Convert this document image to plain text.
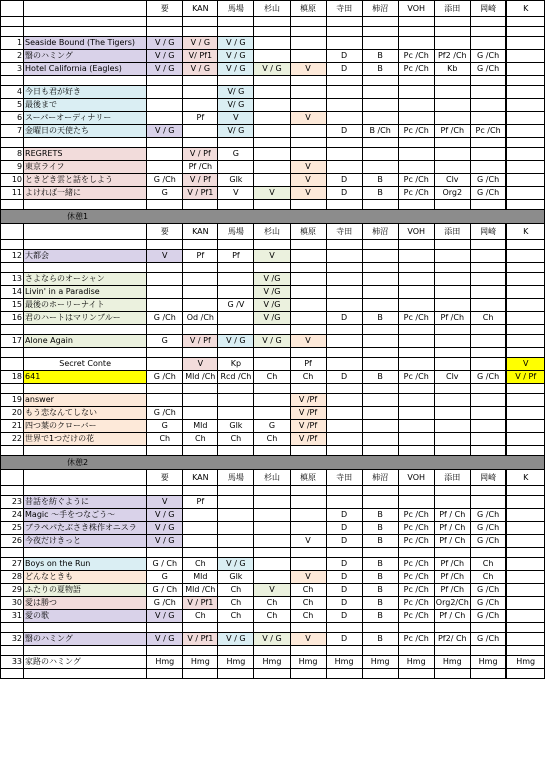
		要	KAN	馬場	杉山	槙原	寺田	柿沼	VOH	添田	岡崎	K

1	Seaside Bound (The Tigers)	V / G	V / G	V / G								
2	翳のハミング	V / G	V/ Pf1	V / G			D	B	Pc /Ch	Pf2 /Ch	G /Ch	
3	Hotel California (Eagles)	V / G	V / G	V / G	V / G	V	D	B	Pc /Ch	Kb	G /Ch	

4	今日も君が好き			V/ G								
5	最後まで			V/ G								
6	スーパーオーディナリー		Pf	V		V						
7	金曜日の天使たち	V / G		V/ G			D	B /Ch	Pc /Ch	Pf /Ch	Pc /Ch	

8	REGRETS		V / Pf	G								
9	東京ライフ		Pf /Ch			V						
10	ときどき雲と話をしよう	G /Ch	V / Pf	Glk		V	D	B	Pc /Ch	Clv	G /Ch	
11	よければ一緒に	G	V / Pf1	V	V	V	D	B	Pc /Ch	Org2	G /Ch	

休憩1												
		要	KAN	馬場	杉山	槙原	寺田	柿沼	VOH	添田	岡崎	K

12	大都会	V	Pf	Pf	V							

13	さよならのオーシャン				V /G							
14	Livin' in a Paradise				V /G							
15	最後のホーリーナイト			G /V	V /G							
16	君のハートはマリンブルー	G /Ch	Od /Ch		V /G		D	B	Pc /Ch	Pf /Ch	Ch	

17	Alone Again	G	V / Pf	V / G	V / G	V						

	Secret Conte		V	Kp		Pf						V
18	641	G /Ch	Mld /Ch	Rcd /Ch	Ch	Ch	D	B	Pc /Ch	Clv	G /Ch	V / Pf

19	answer					V /Pf						
20	もう恋なんてしない	G /Ch				V /Pf						
21	四つ葉のクローバー	G	Mld	Glk	G	V /Pf						
22	世界で1つだけの花	Ch	Ch	Ch	Ch	V /Pf						

休憩2												
		要	KAN	馬場	杉山	槙原	寺田	柿沼	VOH	添田	岡崎	K

23	昔話を紡ぐように	V	Pf									
24	Magic ～手をつなごう～	V / G					D	B	Pc /Ch	Pf / Ch	G /Ch	
25	ブラペパたぶさき株作オニスラ	V / G					D	B	Pc /Ch	Pf / Ch	G /Ch	
26	今夜だけきっと	V / G				V	D	B	Pc /Ch	Pf / Ch	G /Ch	

27	Boys on the Run	G / Ch	Ch	V / G			D	B	Pc /Ch	Pf /Ch	Ch	
28	どんなときも	G	Mld	Glk		V	D	B	Pc /Ch	Pf /Ch	Ch	
29	ふたりの夏物語	G / Ch	Mld /Ch	Ch	V	Ch	D	B	Pc /Ch	Pf /Ch	G /Ch	
30	愛は勝つ	G /Ch	V / Pf1	Ch	Ch	Ch	D	B	Pc /Ch	Org2/Ch	G /Ch	
31	愛の歌	V / G	Ch	Ch	Ch	Ch	D	B	Pc /Ch	Pf / Ch	G /Ch	

32	翳のハミング	V / G	V / Pf1	V / G	V / G	V	D	B	Pc /Ch	Pf2/ Ch	G /Ch	

33	家路のハミング	Hmg	Hmg	Hmg	Hmg	Hmg	Hmg	Hmg	Hmg	Hmg	Hmg	Hmg
